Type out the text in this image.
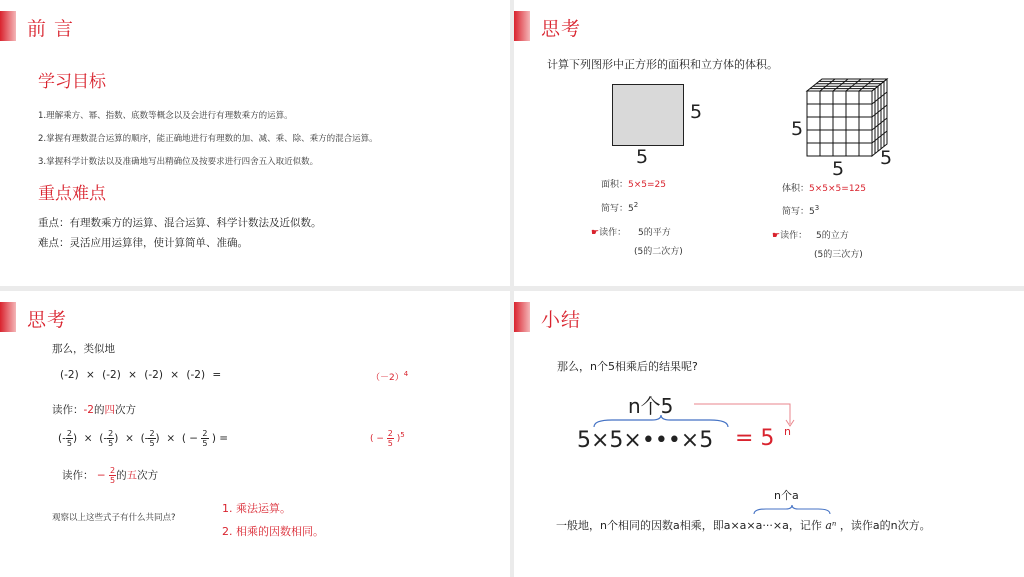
前 言
学习目标
1.理解乘方、幂、指数、底数等概念以及会进行有理数乘方的运算。
2.掌握有理数混合运算的顺序，能正确地进行有理数的加、减、乘、除、乘方的混合运算。
3.掌握科学计数法以及准确地写出精确位及按要求进行四舍五入取近似数。
重点难点
重点：有理数乘方的运算、混合运算、科学计数法及近似数。
难点：灵活应用运算律，使计算简单、准确。
思考
计算下列图形中正方形的面积和立方体的体积。
5
5
5
5 5
面积：5×5=25
简写：$5^2$
☛读作： 5的平方
(5的二次方)
体积：5×5×5=125
简写：$5^3$
☛读作： 5的立方
(5的三次方)
思考
那么，类似地
(-2) × (-2) × (-2) × (-2) =	$(-2)^4$
读作：-2的四次方
(- $\frac{2}{5}$ ) × (- $\frac{2}{5}$ ) × (- $\frac{2}{5}$ ) × ( − $\frac{2}{5}$ ) =	( − $\frac{2}{5} )^5$
读作： − $\frac{2}{5}$ 的五次方
观察以上这些式子有什么共同点?
1. 乘法运算。
2. 相乘的因数相同。
小结
那么，n个5相乘后的结果呢?
n个5
5×5×•••×5 = 5 n
n个a
一般地，n个相同的因数a相乘，即a×a×a···×a，记作 aⁿ ，读作a的n次方。
